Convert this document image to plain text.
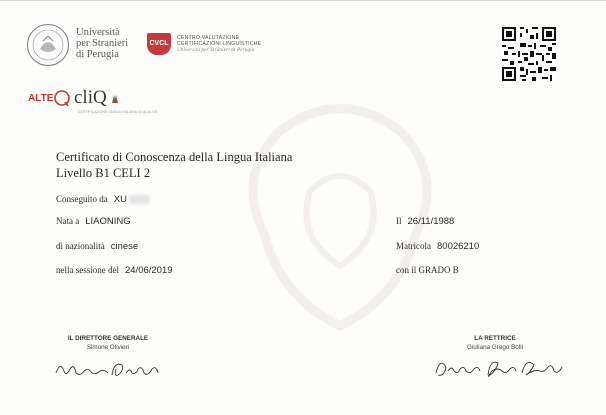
Università
per Stranieri
di Perugia
CVCL
CENTRO VALUTAZIONE
CERTIFICAZIONI LINGUISTICHE
Università per Stranieri di Perugia
ALTE cliQ
CERTIFICAZIONE LINGUA ITALIANA DI QUALITÀ
Certificato di Conoscenza della Lingua Italiana
Livello B1 CELI 2
Conseguito da XU
Nata a LIAONING
di nazionalità cinese
nella sessione del 24/06/2019
Il 26/11/1988
Matricola 80026210
con il GRADO B
IL DIRETTORE GENERALE
Simone Olivieri
LA RETTRICE
Giuliana Grego Bolli
